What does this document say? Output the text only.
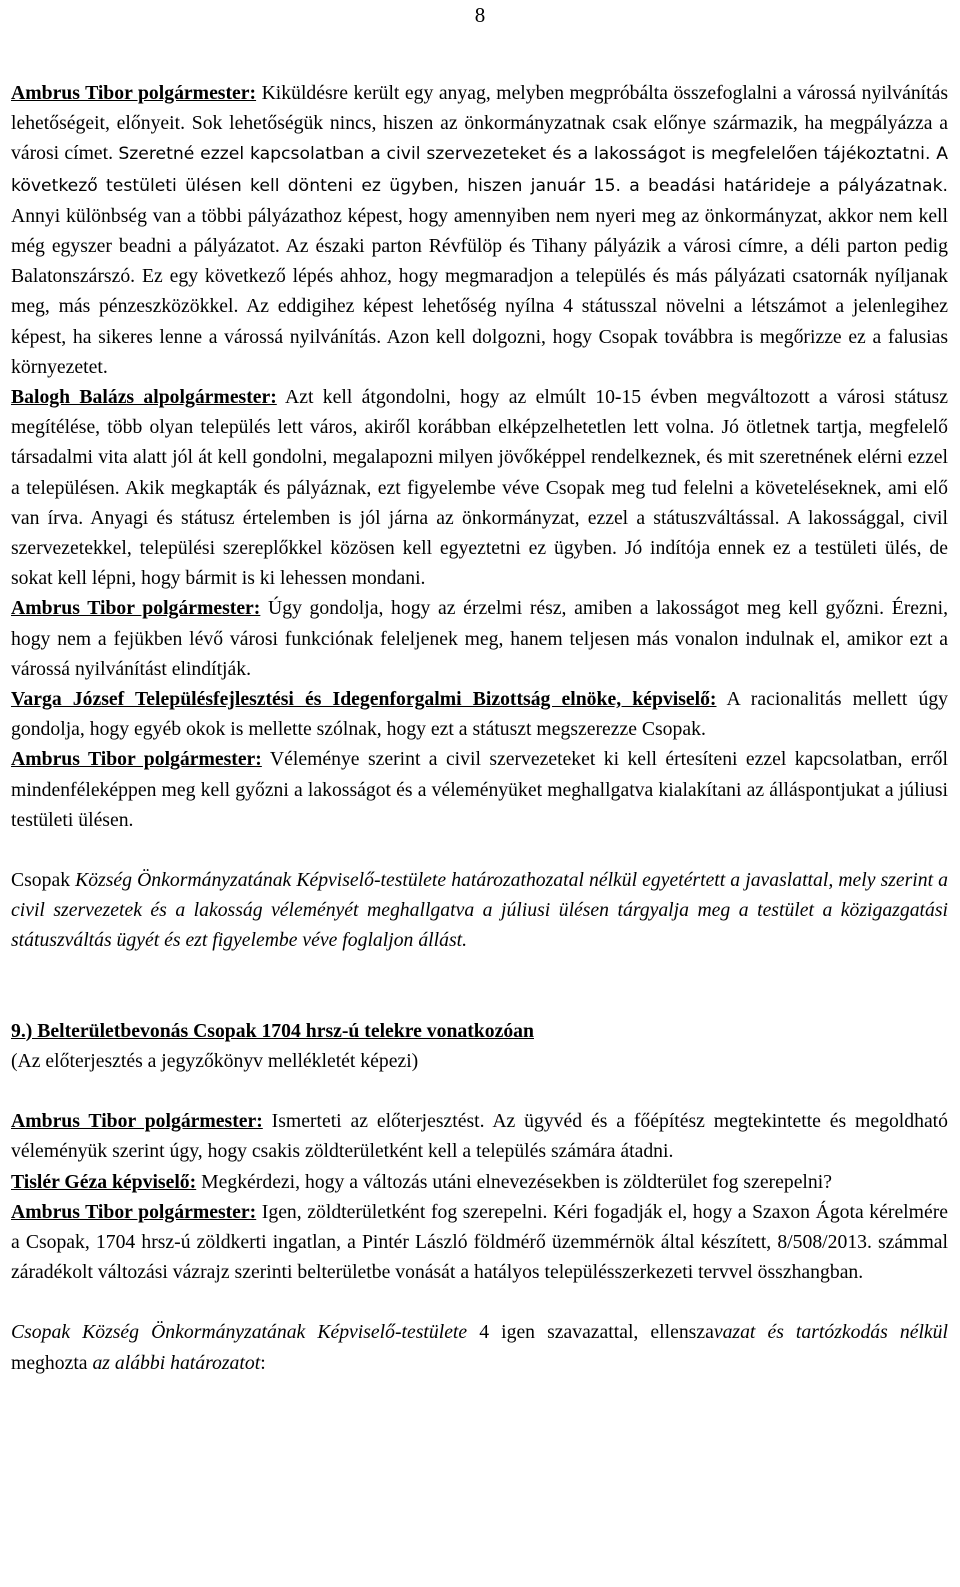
8

Ambrus Tibor polgármester: Kiküldésre került egy anyag, melyben megpróbálta összefoglalni a várossá nyilvánítás lehetőségeit, előnyeit. Sok lehetőségük nincs, hiszen az önkormányzatnak csak előnye származik, ha megpályázza a városi címet. Szeretné ezzel kapcsolatban a civil szervezeteket és a lakosságot is megfelelően tájékoztatni. A következő testületi ülésen kell dönteni ez ügyben, hiszen január 15. a beadási határideje a pályázatnak. Annyi különbség van a többi pályázathoz képest, hogy amennyiben nem nyeri meg az önkormányzat, akkor nem kell még egyszer beadni a pályázatot. Az északi parton Révfülöp és Tihany pályázik a városi címre, a déli parton pedig Balatonszárszó. Ez egy következő lépés ahhoz, hogy megmaradjon a település és más pályázati csatornák nyíljanak meg, más pénzeszközökkel. Az eddigihez képest lehetőség nyílna 4 státusszal növelni a létszámot a jelenlegihez képest, ha sikeres lenne a várossá nyilvánítás. Azon kell dolgozni, hogy Csopak továbbra is megőrizze ez a falusias környezetet.

Balogh Balázs alpolgármester: Azt kell átgondolni, hogy az elmúlt 10-15 évben megváltozott a városi státusz megítélése, több olyan település lett város, akiről korábban elképzelhetetlen lett volna. Jó ötletnek tartja, megfelelő társadalmi vita alatt jól át kell gondolni, megalapozni milyen jövőképpel rendelkeznek, és mit szeretnének elérni ezzel a településen. Akik megkapták és pályáznak, ezt figyelembe véve Csopak meg tud felelni a követeléseknek, ami elő van írva. Anyagi és státusz értelemben is jól járna az önkormányzat, ezzel a státuszváltással. A lakossággal, civil szervezetekkel, települési szereplőkkel közösen kell egyeztetni ez ügyben. Jó indítója ennek ez a testületi ülés, de sokat kell lépni, hogy bármit is ki lehessen mondani.

Ambrus Tibor polgármester: Úgy gondolja, hogy az érzelmi rész, amiben a lakosságot meg kell győzni. Érezni, hogy nem a fejükben lévő városi funkciónak feleljenek meg, hanem teljesen más vonalon indulnak el, amikor ezt a várossá nyilvánítást elindítják.

Varga József Településfejlesztési és Idegenforgalmi Bizottság elnöke, képviselő: A racionalitás mellett úgy gondolja, hogy egyéb okok is mellette szólnak, hogy ezt a státuszt megszerezze Csopak.

Ambrus Tibor polgármester: Véleménye szerint a civil szervezeteket ki kell értesíteni ezzel kapcsolatban, erről mindenféleképpen meg kell győzni a lakosságot és a véleményüket meghallgatva kialakítani az álláspontjukat a júliusi testületi ülésen.

Csopak Község Önkormányzatának Képviselő-testülete határozathozatal nélkül egyetértett a javaslattal, mely szerint a civil szervezetek és a lakosság véleményét meghallgatva a júliusi ülésen tárgyalja meg a testület a közigazgatási státuszváltás ügyét és ezt figyelembe véve foglaljon állást.

9.) Belterületbevonás Csopak 1704 hrsz-ú telekre vonatkozóan

(Az előterjesztés a jegyzőkönyv mellékletét képezi)

Ambrus Tibor polgármester: Ismerteti az előterjesztést. Az ügyvéd és a főépítész megtekintette és megoldható véleményük szerint úgy, hogy csakis zöldterületként kell a település számára átadni.

Tislér Géza képviselő: Megkérdezi, hogy a változás utáni elnevezésekben is zöldterület fog szerepelni?

Ambrus Tibor polgármester: Igen, zöldterületként fog szerepelni. Kéri fogadják el, hogy a Szaxon Ágota kérelmére a Csopak, 1704 hrsz-ú zöldkerti ingatlan, a Pintér László földmérő üzemmérnök által készített, 8/508/2013. számmal záradékolt változási vázrajz szerinti belterületbe vonását a hatályos településszerkezeti tervvel összhangban.

Csopak Község Önkormányzatának Képviselő-testülete 4 igen szavazattal, ellenszavazat és tartózkodás nélkül meghozta az alábbi határozatot:
